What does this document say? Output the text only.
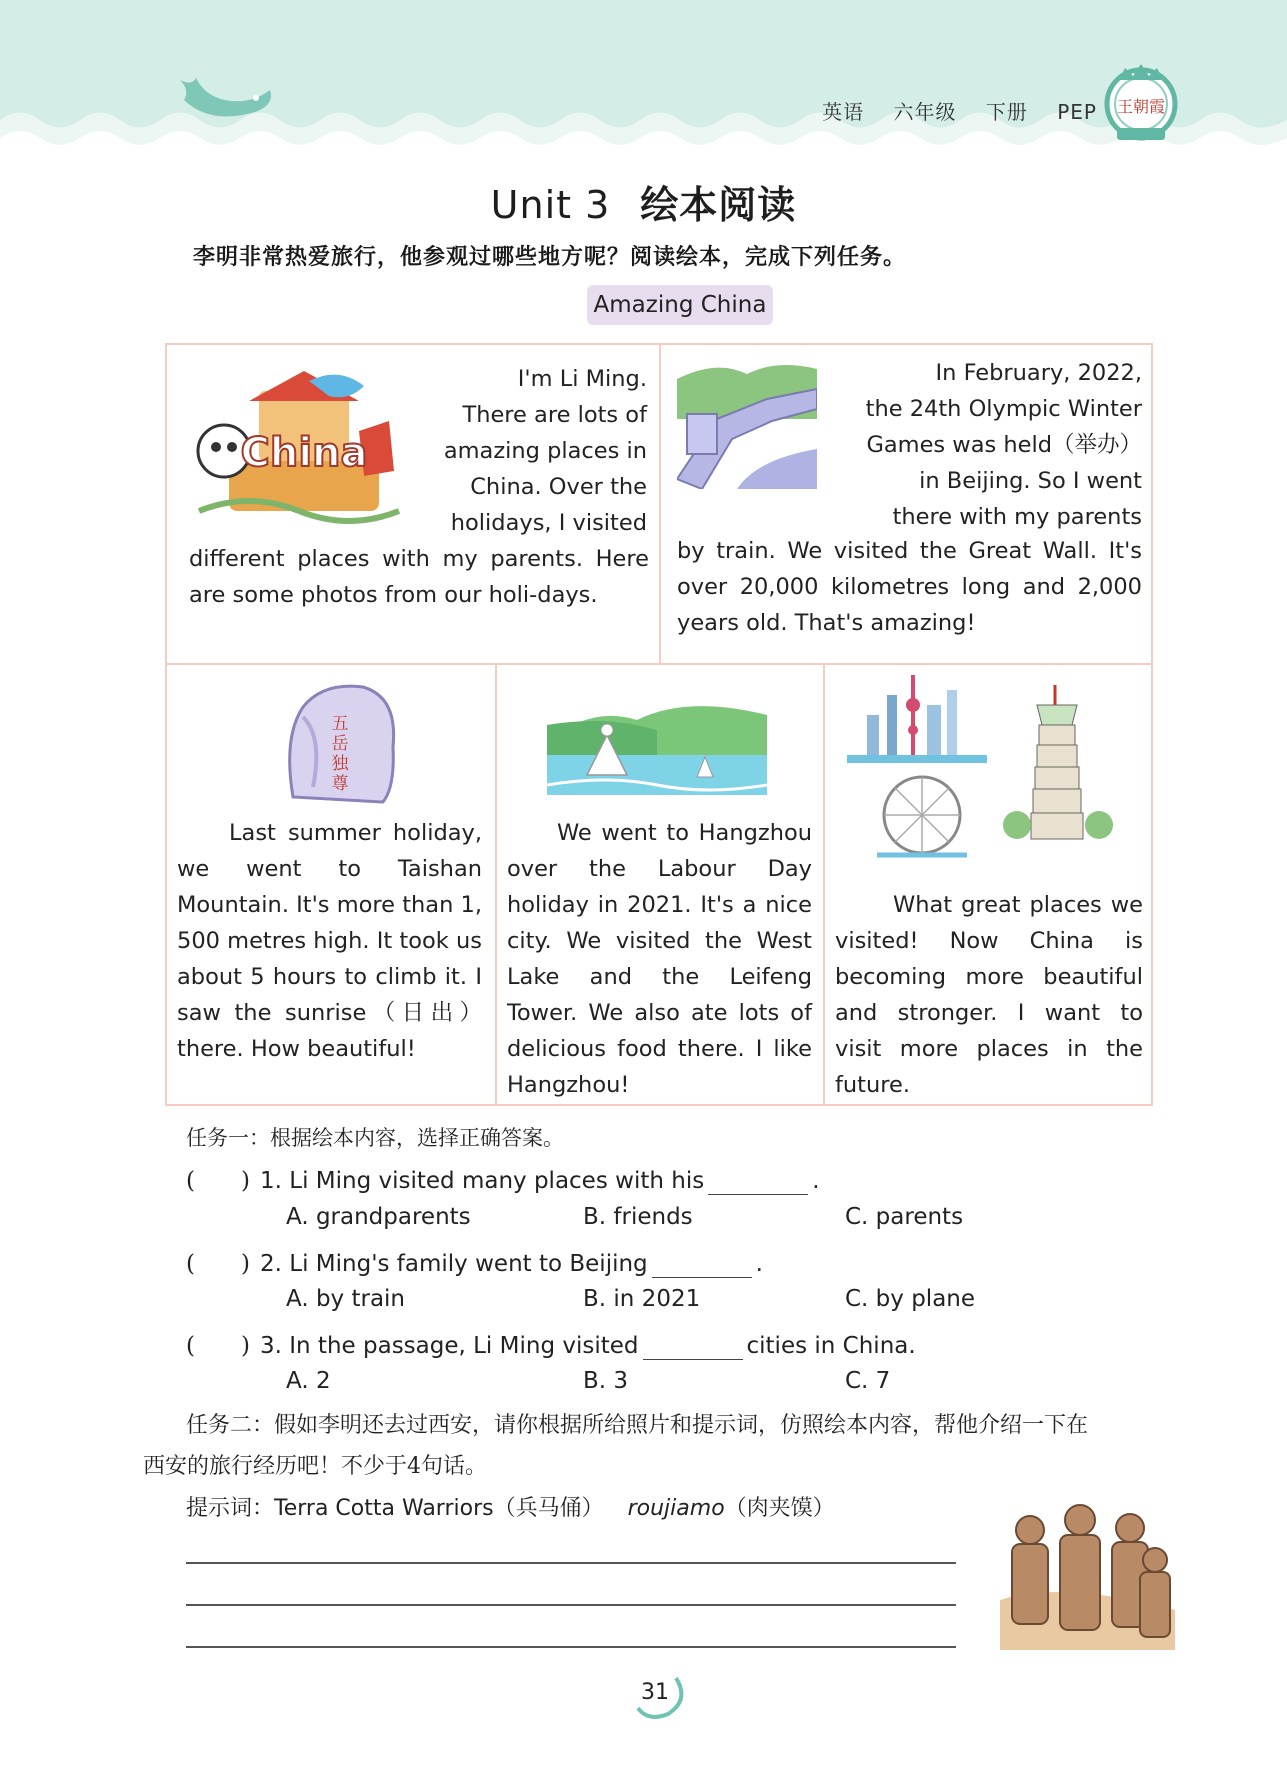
英语 六年级 下册 PEP 王朝霞
Unit 3 绘本阅读
李明非常热爱旅行，他参观过哪些地方呢？阅读绘本，完成下列任务。
Amazing China
China
I'm Li Ming.
There are lots of
amazing places in
China. Over the
holidays, I visited
different places with my parents. Here are some photos from our holi-days.
In February, 2022,
the 24th Olympic Winter
Games was held（举办）
in Beijing. So I went
there with my parents
by train. We visited the Great Wall. It's over 20,000 kilometres long and 2,000 years old. That's amazing!
五
岳
独
尊
Last summer holiday, we went to Taishan Mountain. It's more than 1, 500 metres high. It took us about 5 hours to climb it. I saw the sunrise（日出）there. How beautiful!
We went to Hangzhou over the Labour Day holiday in 2021. It's a nice city. We visited the West Lake and the Leifeng Tower. We also ate lots of delicious food there. I like Hangzhou!
What great places we visited! Now China is becoming more beautiful and stronger. I want to visit more places in the future.
任务一：根据绘本内容，选择正确答案。
(　　) 1. Li Ming visited many places with his	.
A. grandparents	B. friends	C. parents
(　　) 2. Li Ming's family went to Beijing	.
A. by train	B. in 2021	C. by plane
(　　) 3. In the passage, Li Ming visited	cities in China.
A. 2	B. 3	C. 7
任务二：假如李明还去过西安，请你根据所给照片和提示词，仿照绘本内容，帮他介绍一下在
西安的旅行经历吧！不少于4句话。
提示词：Terra Cotta Warriors（兵马俑） roujiamo（肉夹馍）
31
